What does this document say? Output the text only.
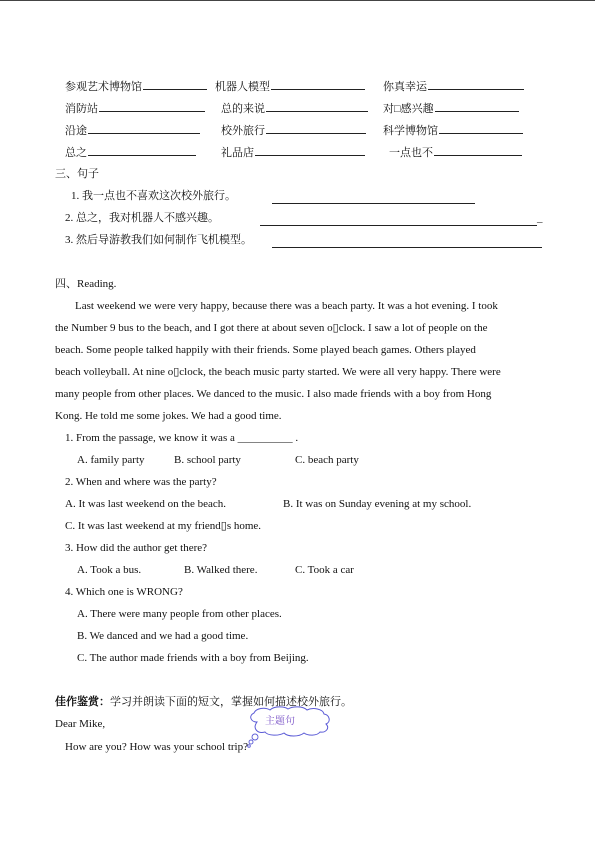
参观艺术博物馆	机器人模型	你真幸运
消防站	总的来说	对□感兴趣
沿途	校外旅行	科学博物馆
总之	礼品店	一点也不
三、句子
1. 我一点也不喜欢这次校外旅行。
2. 总之，我对机器人不感兴趣。	_
3. 然后导游教我们如何制作飞机模型。
四、Reading.
Last weekend we were very happy, because there was a beach party. It was a hot evening. I took
the Number 9 bus to the beach, and I got there at about seven o▯clock. I saw a lot of people on the
beach. Some people talked happily with their friends. Some played beach games. Others played
beach volleyball. At nine o▯clock, the beach music party started. We were all very happy. There were
many people from other places. We danced to the music. I also made friends with a boy from Hong
Kong. He told me some jokes. We had a good time.
1. From the passage, we know it was a __________ .
A. family party	B. school party	C. beach party
2. When and where was the party?
A. It was last weekend on the beach.	B. It was on Sunday evening at my school.
C. It was last weekend at my friend▯s home.
3. How did the author get there?
A. Took a bus.	B. Walked there.	C. Took a car
4. Which one is WRONG?
A. There were many people from other places.
B. We danced and we had a good time.
C. The author made friends with a boy from Beijing.
佳作鉴赏：学习并朗读下面的短文，掌握如何描述校外旅行。
Dear Mike,
How are you? How was your school trip?
主题句
